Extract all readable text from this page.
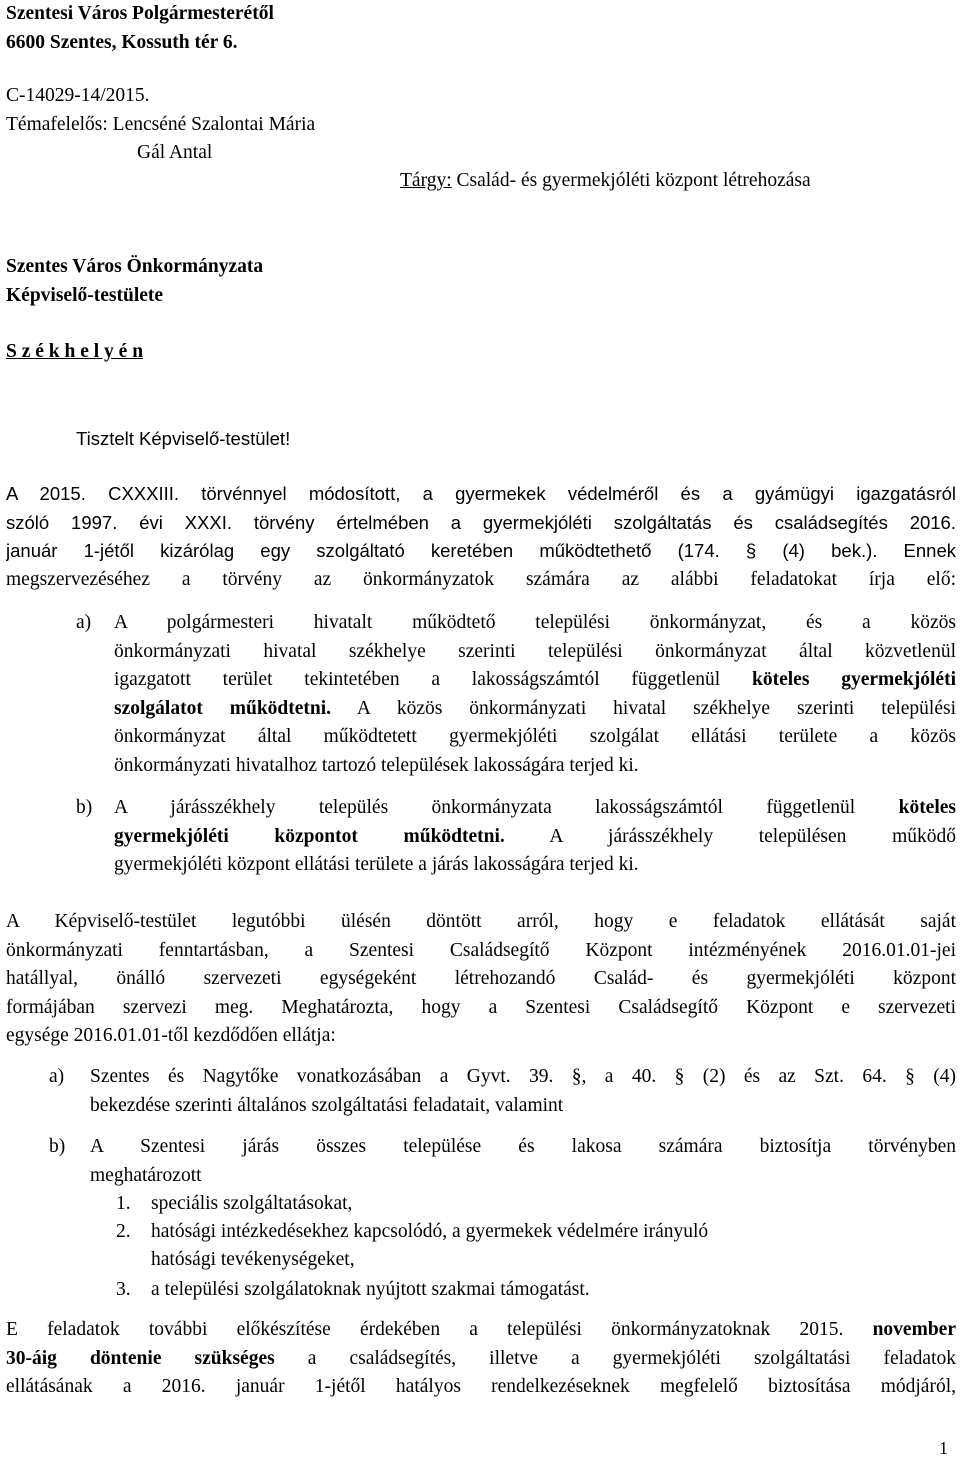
Szentesi Város Polgármesterétől
6600 Szentes, Kossuth tér 6.
C-14029-14/2015.
Témafelelős: Lencséné Szalontai Mária
Gál Antal
Tárgy: Család- és gyermekjóléti központ létrehozása
Szentes Város Önkormányzata
Képviselő-testülete
S z é k h e l y é n
Tisztelt Képviselő-testület!
A 2015. CXXXIII. törvénnyel módosított, a gyermekek védelméről és a gyámügyi igazgatásról
szóló 1997. évi XXXI. törvény értelmében a gyermekjóléti szolgáltatás és családsegítés 2016.
január 1-jétől kizárólag egy szolgáltató keretében működtethető (174. § (4) bek.). Ennek
megszervezéséhez a törvény az önkormányzatok számára az alábbi feladatokat írja elő:
a) A polgármesteri hivatalt működtető települési önkormányzat, és a közös
önkormányzati hivatal székhelye szerinti települési önkormányzat által közvetlenül
igazgatott terület tekintetében a lakosságszámtól függetlenül köteles gyermekjóléti
szolgálatot működtetni. A közös önkormányzati hivatal székhelye szerinti települési
önkormányzat által működtetett gyermekjóléti szolgálat ellátási területe a közös
önkormányzati hivatalhoz tartozó települések lakosságára terjed ki.
b) A járásszékhely település önkormányzata lakosságszámtól függetlenül köteles
gyermekjóléti központot működtetni. A járásszékhely településen működő
gyermekjóléti központ ellátási területe a járás lakosságára terjed ki.
A Képviselő-testület legutóbbi ülésén döntött arról, hogy e feladatok ellátását saját
önkormányzati fenntartásban, a Szentesi Családsegítő Központ intézményének 2016.01.01-jei
hatállyal, önálló szervezeti egységeként létrehozandó Család- és gyermekjóléti központ
formájában szervezi meg. Meghatározta, hogy a Szentesi Családsegítő Központ e szervezeti
egysége 2016.01.01-től kezdődően ellátja:
a) Szentes és Nagytőke vonatkozásában a Gyvt. 39. §, a 40. § (2) és az Szt. 64. § (4)
bekezdése szerinti általános szolgáltatási feladatait, valamint
b) A Szentesi járás összes települése és lakosa számára biztosítja törvényben
meghatározott
1. speciális szolgáltatásokat,
2. hatósági intézkedésekhez kapcsolódó, a gyermekek védelmére irányuló
hatósági tevékenységeket,
3. a települési szolgálatoknak nyújtott szakmai támogatást.
E feladatok további előkészítése érdekében a települési önkormányzatoknak 2015. november
30-áig döntenie szükséges a családsegítés, illetve a gyermekjóléti szolgáltatási feladatok
ellátásának a 2016. január 1-jétől hatályos rendelkezéseknek megfelelő biztosítása módjáról,
1
